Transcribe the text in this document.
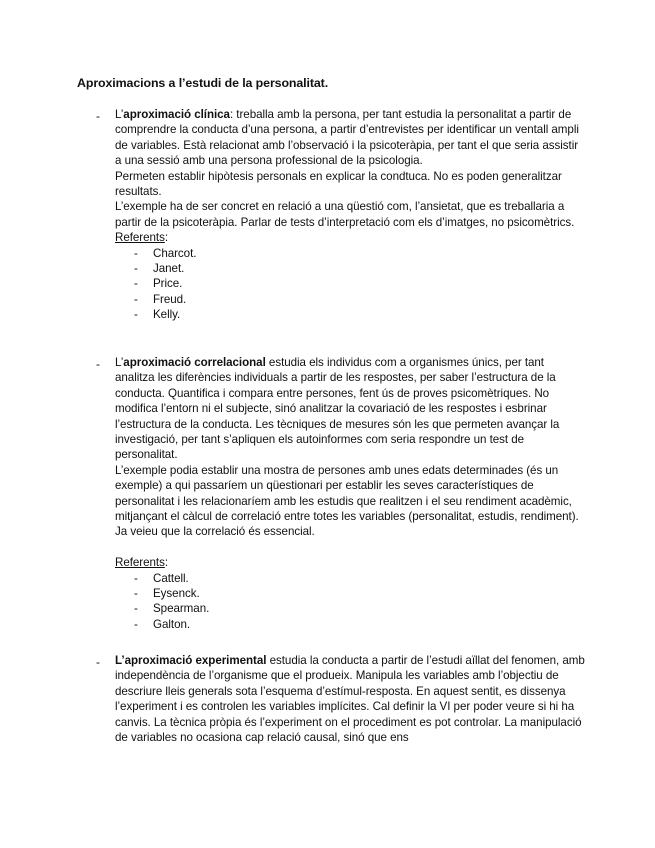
Aproximacions a l’estudi de la personalitat.
- L’aproximació clínica: treballa amb la persona, per tant estudia la personalitat a partir de comprendre la conducta d’una persona, a partir d’entrevistes per identificar un ventall ampli de variables. Està relacionat amb l’observació i la psicoteràpia, per tant el que seria assistir a una sessió amb una persona professional de la psicologia.

Permeten establir hipòtesis personals en explicar la condtuca. No es poden generalitzar resultats.

L’exemple ha de ser concret en relació a una qüestió com, l’ansietat, que es treballaria a partir de la psicoteràpia. Parlar de tests d’interpretació com els d’imatges, no psicomètrics.

Referents:

- Charcot.
- Janet.
- Price.
- Freud.
- Kelly.
- L’aproximació correlacional estudia els individus com a organismes únics, per tant analitza les diferències individuals a partir de les respostes, per saber l’estructura de la conducta. Quantifica i compara entre persones, fent ús de proves psicomètriques. No modifica l’entorn ni el subjecte, sinó analitzar la covariació de les respostes i esbrinar l’estructura de la conducta. Les tècniques de mesures són les que permeten avançar la investigació, per tant s’apliquen els autoinformes com seria respondre un test de personalitat.

L’exemple podia establir una mostra de persones amb unes edats determinades (és un exemple) a qui passaríem un qüestionari per establir les seves característiques de personalitat i les relacionaríem amb les estudis que realitzen i el seu rendiment acadèmic, mitjançant el càlcul de correlació entre totes les variables (personalitat, estudis, rendiment). Ja veieu que la correlació és essencial.

Referents:

- Cattell.
- Eysenck.
- Spearman.
- Galton.
- L’aproximació experimental estudia la conducta a partir de l’estudi aïllat del fenomen, amb independència de l’organisme que el produeix. Manipula les variables amb l’objectiu de descriure lleis generals sota l’esquema d’estímul-resposta. En aquest sentit, es dissenya l’experiment i es controlen les variables implícites. Cal definir la VI per poder veure si hi ha canvis. La tècnica pròpia és l’experiment on el procediment es pot controlar. La manipulació de variables no ocasiona cap relació causal, sinó que ens
